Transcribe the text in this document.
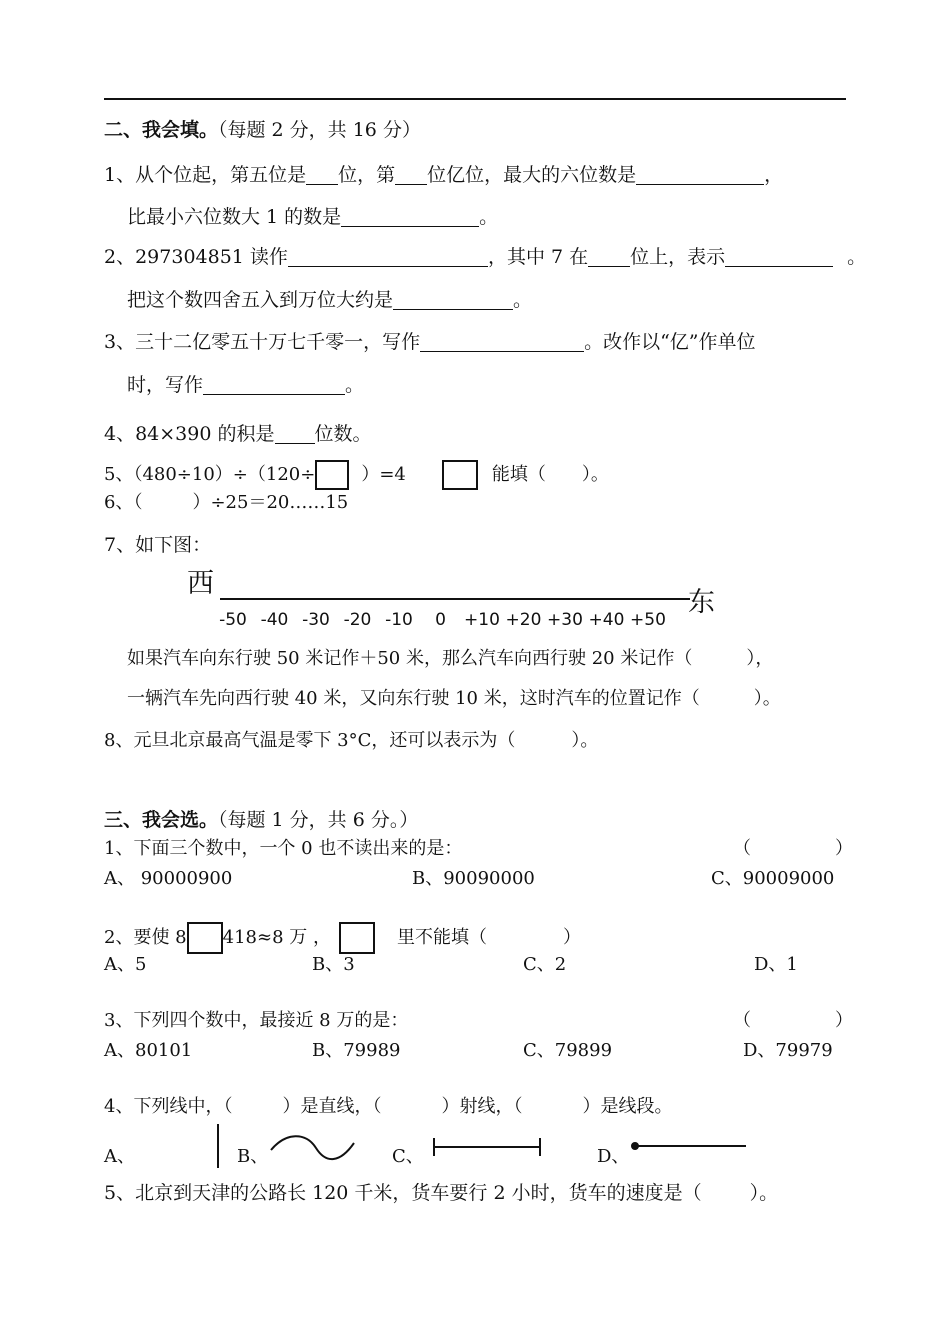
二、我会填。（每题 2 分，共 16 分）
1、从个位起，第五位是 位，第 位亿位，最大的六位数是	，
比最小六位数大 1 的数是	。
2、297304851 读作	，其中 7 在 位上，表示	。
把这个数四舍五入到万位大约是	。
3、三十二亿零五十万七千零一，写作	。改作以“亿”作单位
时，写作	。
4、84×390 的积是 位数。
5、（480÷10）÷（120÷	）=4	能填（ ）。
6、（	）÷25＝20……15
7、如下图：
西
东
-50 -40 -30 -20 -10 0 +10 +20 +30 +40 +50
如果汽车向东行驶 50 米记作＋50 米，那么汽车向西行驶 20 米记作（	），
一辆汽车先向西行驶 40 米，又向东行驶 10 米，这时汽车的位置记作（	）。
8、元旦北京最高气温是零下 3°C，还可以表示为（	）。
三、我会选。（每题 1 分，共 6 分。）
1、下面三个数中，一个 0 也不读出来的是：	（	）
A、 90000900	B、90090000	C、90009000
2、要使 8 418≈8 万 ，	里不能填（	）
A、5	B、3	C、2	D、1
3、下列四个数中，最接近 8 万的是：	（	）
A、80101	B、79989	C、79899	D、79979
4、下列线中，（	）是直线，（	）射线，（	）是线段。
A、	B、	C、	D、
5、北京到天津的公路长 120 千米，货车要行 2 小时，货车的速度是（	）。
